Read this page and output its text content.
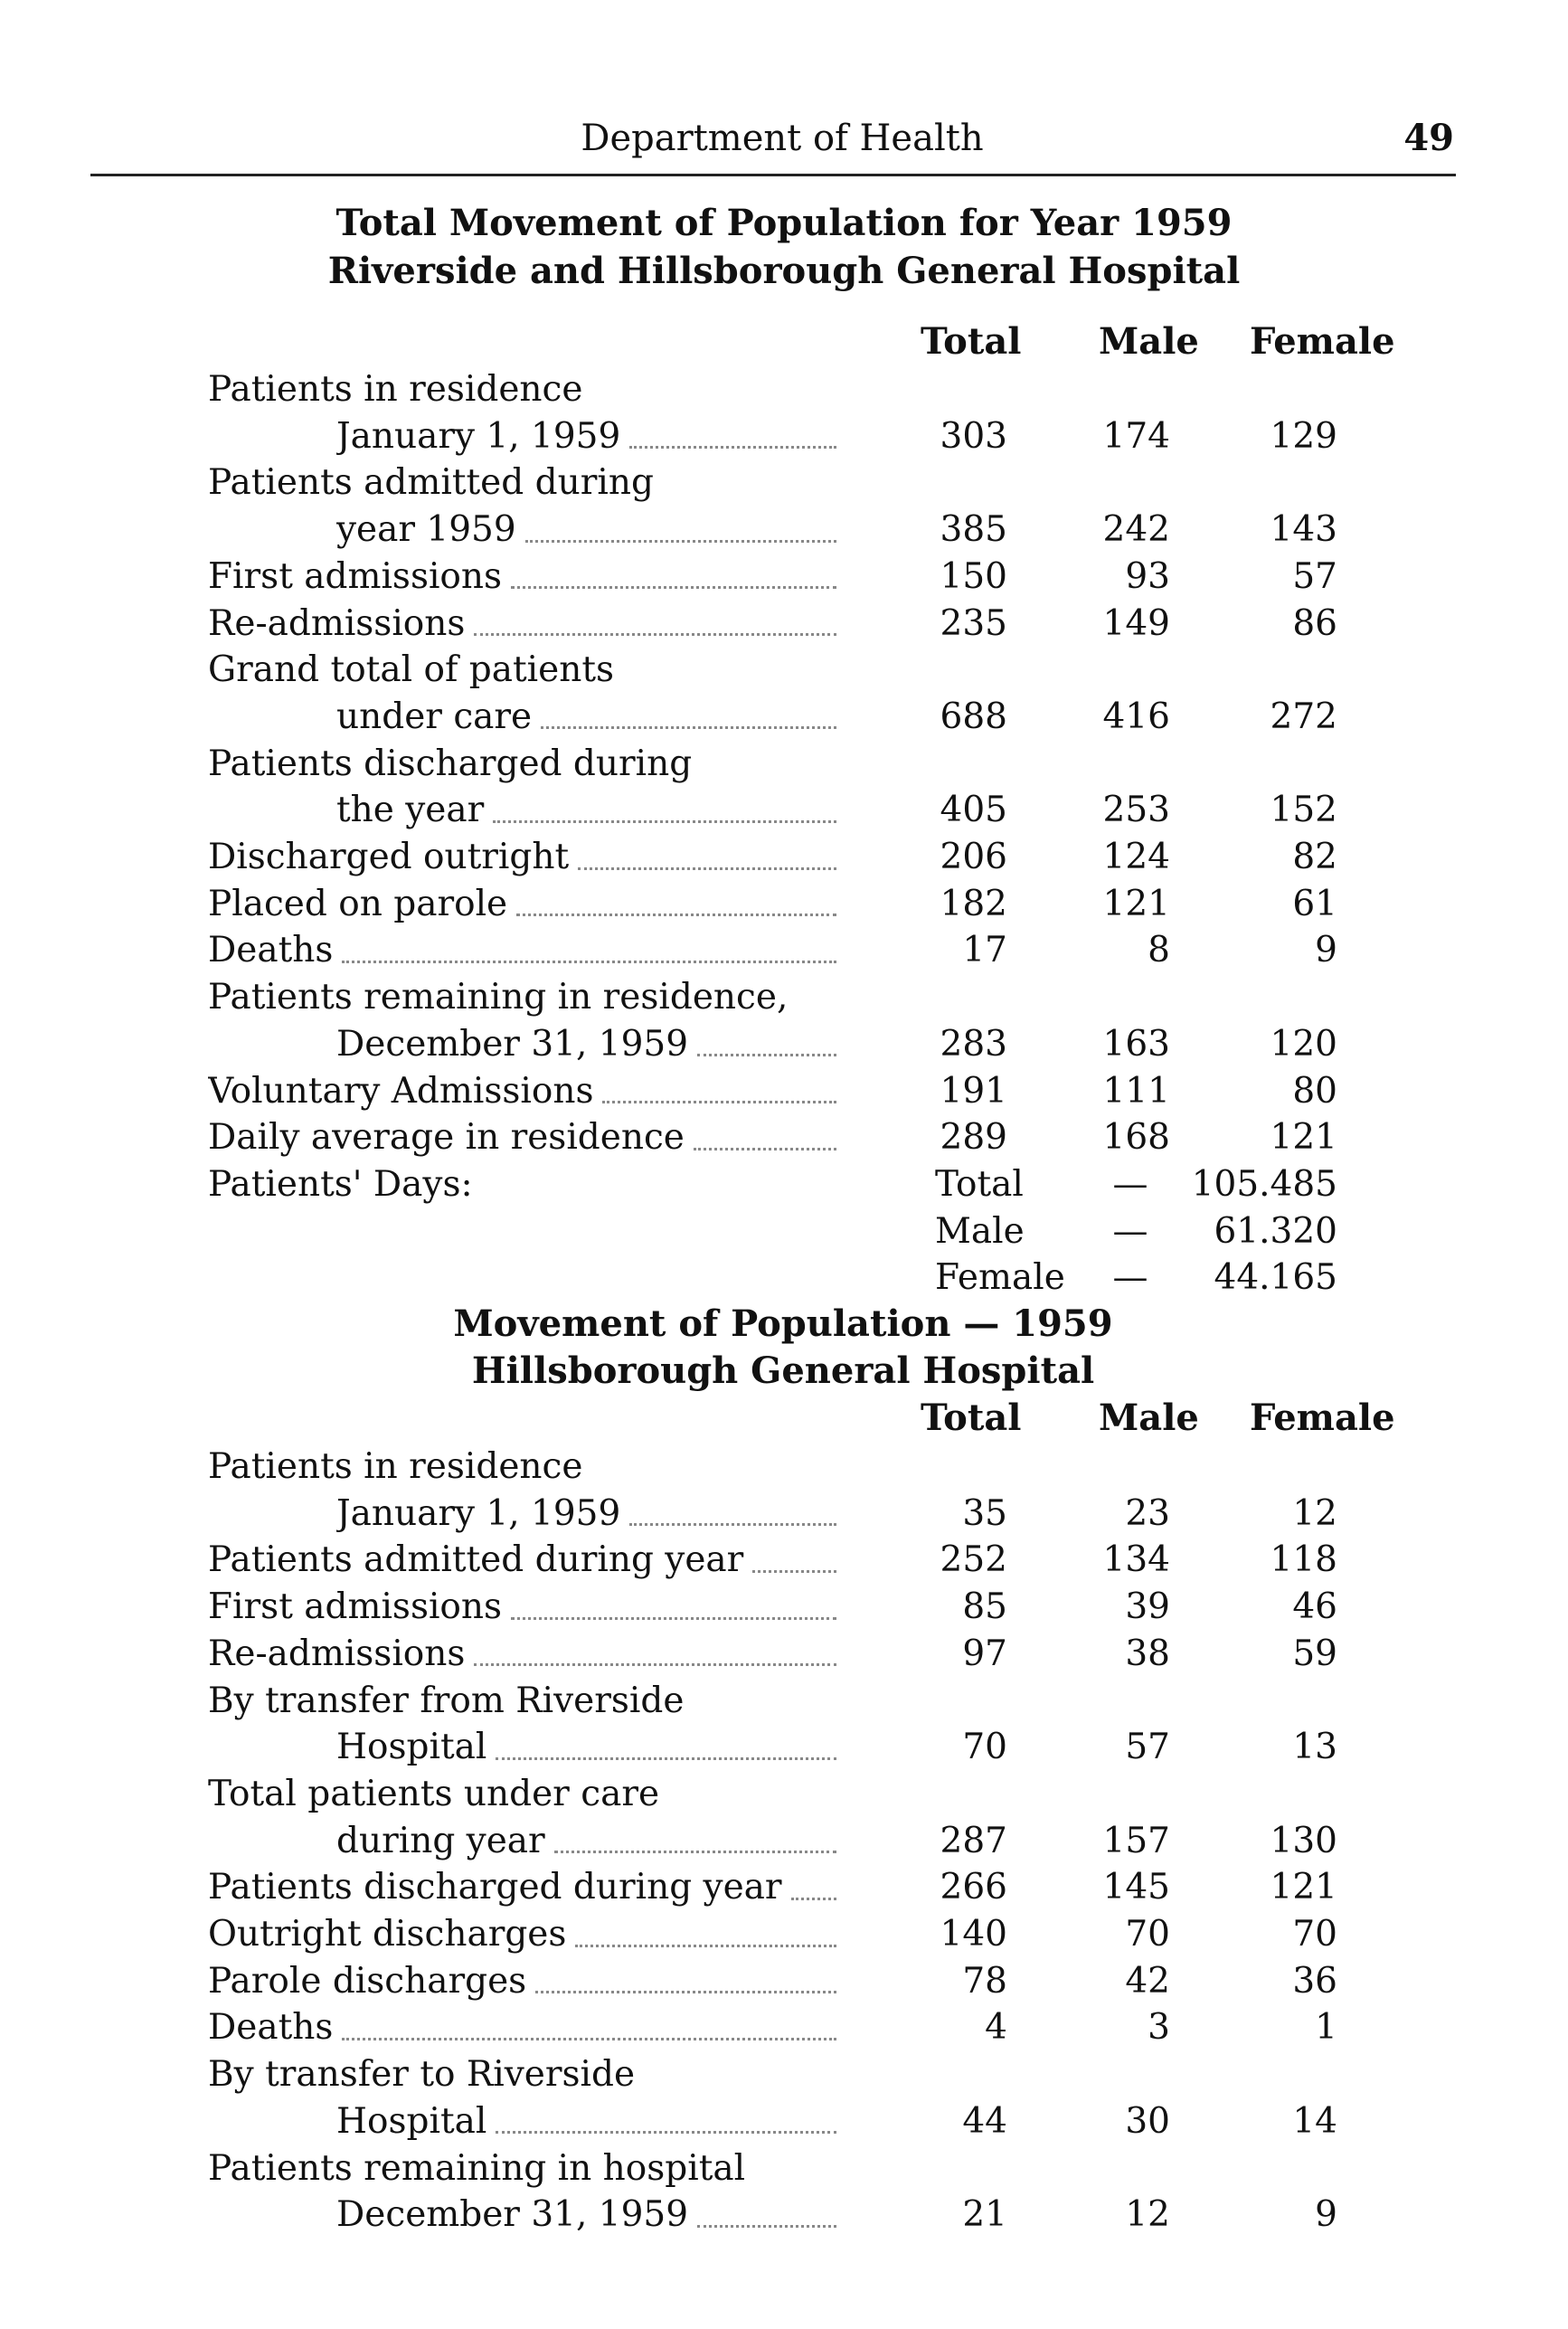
Department of Health	49
Total Movement of Population for Year 1959
Riverside and Hillsborough General Hospital
Total Male Female
Patients in residence
January 1, 1959	303	174	129
Patients admitted during
year 1959	385	242	143
First admissions	150	93	57
Re-admissions	235	149	86
Grand total of patients
under care	688	416	272
Patients discharged during
the year	405	253	152
Discharged outright	206	124	82
Placed on parole	182	121	61
Deaths	17	8	9
Patients remaining in residence,
December 31, 1959	283	163	120
Voluntary Admissions	191	111	80
Daily average in residence	289	168	121
Patients' Days:	Total	— 105.485
Male	— 61.320
Female — 44.165
Movement of Population — 1959
Hillsborough General Hospital
Total Male Female
Patients in residence
January 1, 1959	35	23	12
Patients admitted during year	252	134	118
First admissions	85	39	46
Re-admissions	97	38	59
By transfer from Riverside
Hospital	70	57	13
Total patients under care
during year	287	157	130
Patients discharged during year	266	145	121
Outright discharges	140	70	70
Parole discharges	78	42	36
Deaths	4	3	1
By transfer to Riverside
Hospital	44	30	14
Patients remaining in hospital
December 31, 1959	21	12	9
